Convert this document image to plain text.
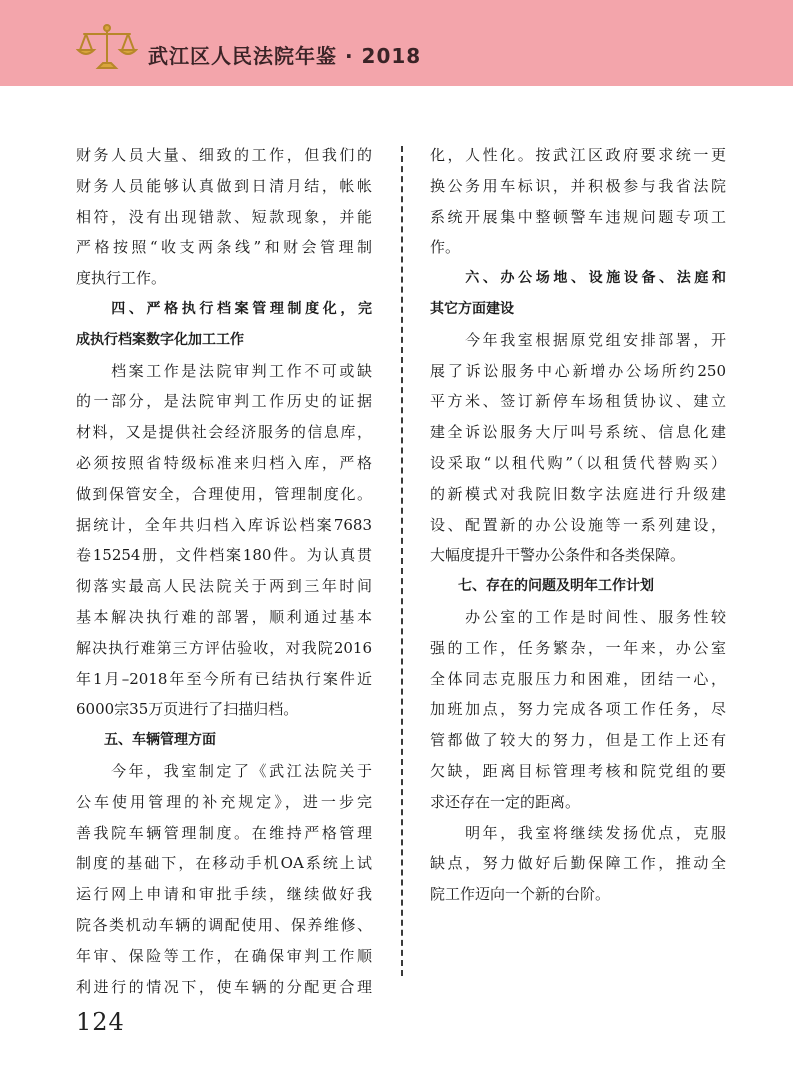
武江区人民法院年鉴 · 2018
财务人员大量、细致的工作，但我们的
财务人员能够认真做到日清月结，帐帐
相符，没有出现错款、短款现象，并能
严格按照“收支两条线”和财会管理制
度执行工作。
　　四、严格执行档案管理制度化，完
成执行档案数字化加工工作
　　档案工作是法院审判工作不可或缺
的一部分，是法院审判工作历史的证据
材料，又是提供社会经济服务的信息库，
必须按照省特级标准来归档入库，严格
做到保管安全，合理使用，管理制度化。
据统计，全年共归档入库诉讼档案7683
卷15254册，文件档案180件。为认真贯
彻落实最高人民法院关于两到三年时间
基本解决执行难的部署，顺利通过基本
解决执行难第三方评估验收，对我院2016
年1月–2018年至今所有已结执行案件近
6000宗35万页进行了扫描归档。
　　五、车辆管理方面
　　今年，我室制定了《武江法院关于
公车使用管理的补充规定》，进一步完
善我院车辆管理制度。在维持严格管理
制度的基础下，在移动手机OA系统上试
运行网上申请和审批手续，继续做好我
院各类机动车辆的调配使用、保养维修、
年审、保险等工作，在确保审判工作顺
利进行的情况下，使车辆的分配更合理
化，人性化。按武江区政府要求统一更
换公务用车标识，并积极参与我省法院
系统开展集中整顿警车违规问题专项工
作。
　　六、办公场地、设施设备、法庭和
其它方面建设
　　今年我室根据原党组安排部署，开
展了诉讼服务中心新增办公场所约250
平方米、签订新停车场租赁协议、建立
建全诉讼服务大厅叫号系统、信息化建
设采取“以租代购”（以租赁代替购买）
的新模式对我院旧数字法庭进行升级建
设、配置新的办公设施等一系列建设，
大幅度提升干警办公条件和各类保障。
　　七、存在的问题及明年工作计划
　　办公室的工作是时间性、服务性较
强的工作，任务繁杂，一年来，办公室
全体同志克服压力和困难，团结一心，
加班加点，努力完成各项工作任务，尽
管都做了较大的努力，但是工作上还有
欠缺，距离目标管理考核和院党组的要
求还存在一定的距离。
　　明年，我室将继续发扬优点，克服
缺点，努力做好后勤保障工作，推动全
院工作迈向一个新的台阶。
124
